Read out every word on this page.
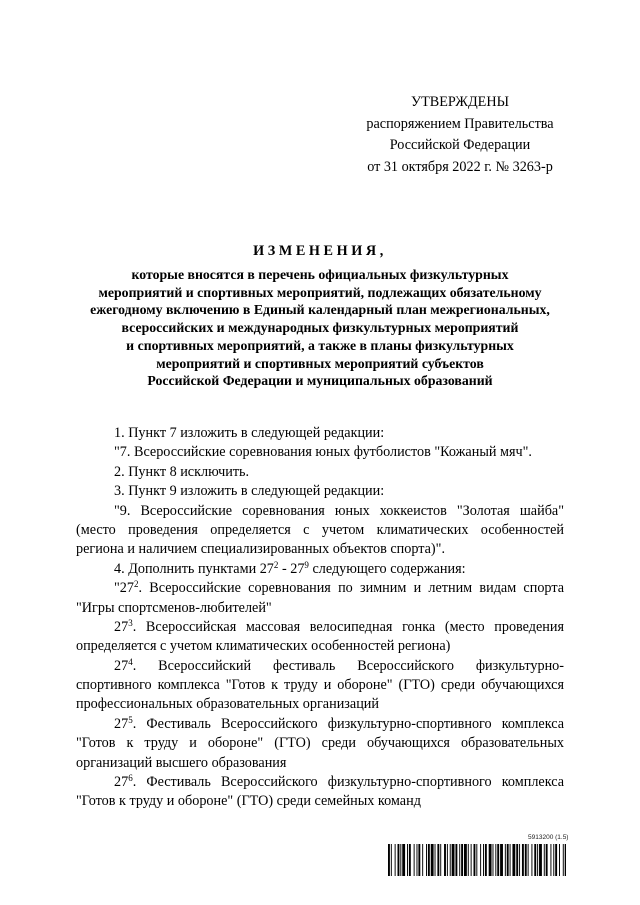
УТВЕРЖДЕНЫ
распоряжением Правительства
Российской Федерации
от 31 октября 2022 г. № 3263-р
ИЗМЕНЕНИЯ,
которые вносятся в перечень официальных физкультурных
мероприятий и спортивных мероприятий, подлежащих обязательному
ежегодному включению в Единый календарный план межрегиональных,
всероссийских и международных физкультурных мероприятий
и спортивных мероприятий, а также в планы физкультурных
мероприятий и спортивных мероприятий субъектов
Российской Федерации и муниципальных образований
1. Пункт 7 изложить в следующей редакции:
"7. Всероссийские соревнования юных футболистов "Кожаный мяч".
2. Пункт 8 исключить.
3. Пункт 9 изложить в следующей редакции:
"9. Всероссийские соревнования юных хоккеистов "Золотая шайба"
(место проведения определяется с учетом климатических особенностей
региона и наличием специализированных объектов спорта)".
4. Дополнить пунктами $27^2 - 27^9$ следующего содержания:
"$27^2$. Всероссийские соревнования по зимним и летним видам спорта
"Игры спортсменов-любителей"
$27^3$. Всероссийская массовая велосипедная гонка (место проведения
определяется с учетом климатических особенностей региона)
$27^4$. Всероссийский фестиваль Всероссийского физкультурно-
спортивного комплекса "Готов к труду и обороне" (ГТО) среди обучающихся
профессиональных образовательных организаций
$27^5$. Фестиваль Всероссийского физкультурно-спортивного комплекса
"Готов к труду и обороне" (ГТО) среди обучающихся образовательных
организаций высшего образования
$27^6$. Фестиваль Всероссийского физкультурно-спортивного комплекса
"Готов к труду и обороне" (ГТО) среди семейных команд
5913200 (1.5)
